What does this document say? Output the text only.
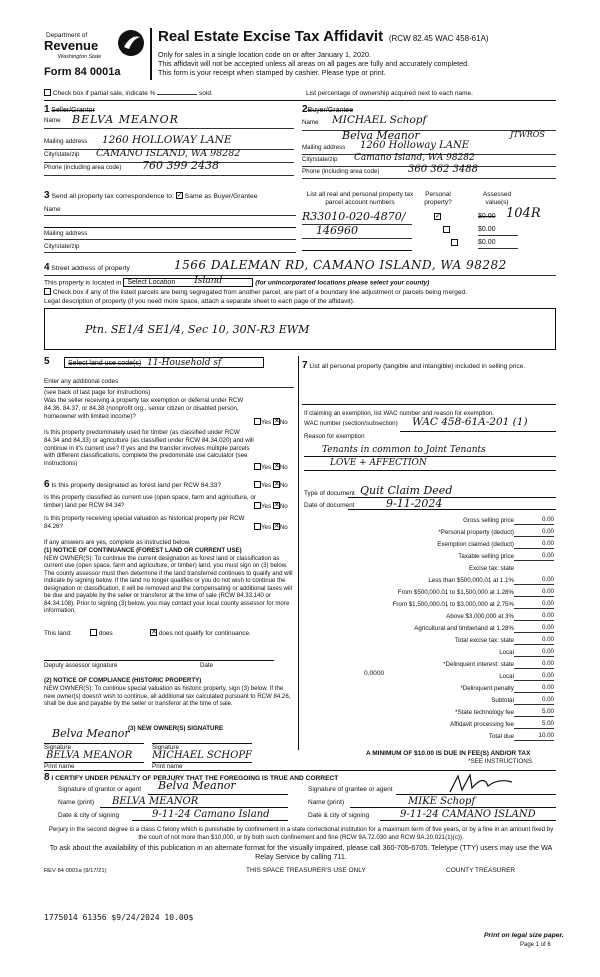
Department of
Revenue
Washington State
Form 84 0001a
Real Estate Excise Tax Affidavit (RCW 82.45 WAC 458-61A)
Only for sales in a single location code on or after January 1, 2020.
This affidavit will not be accepted unless all areas on all pages are fully and accurately completed.
This form is your receipt when stamped by cashier. Please type or print.
Check box if partial sale, indicate %	sold.	List percentage of ownership acquired next to each name.
1 Seller/Grantor
Name BELVA MEANOR
Mailing address 1260 HOLLOWAY LANE
City/state/zip CAMANO ISLAND, WA 98282
Phone (including area code) 760 399 2438
2Buyer/Grantee
Name MICHAEL Schopf
Belva Meanor	JTWROS
Mailing address 1260 Holloway LANE
City/state/zip Camano Island, WA 98282
Phone (including area code)	360 362 3488
3 Send all property tax correspondence to: ✓ Same as Buyer/Grantee
Name
Mailing address
City/state/zip
List all real and personal property tax parcel account numbers
Personal property?
Assessed value(s)
R33010-020-4870/
146960
✓	$0.00 104R
$0.00
$0.00
4 Street address of property	1566 DALEMAN RD, CAMANO ISLAND, WA 98282
This property is located in Select Location Island	(for unincorporated locations please select your county)
Check box if any of the listed parcels are being segregated from another parcel, are part of a boundary line adjustment or parcels being merged.
Legal description of property (if you need more space, attach a separate sheet to each page of the affidavit).
Ptn. SE1/4 SE1/4, Sec 10, 30N-R3 EWM
5	Select land use code(s) 11-Household sf
Enter any additional codes
(see back of last page for instructions)
Was the seller receiving a property tax exemption or deferral under RCW 84.36, 84.37, or 84.38 (nonprofit org., senior citizen or disabled person, homeowner with limited income)?
Yes ✕No
Is this property predominately used for timber (as classified under RCW 84.34 and 84.33) or agriculture (as classified under RCW 84.34.020) and will continue in it's current use? If yes and the transfer involves multiple parcels with different classifications, complete the predominate use calculator (see instructions)
Yes ✕No
6 Is this property designated as forest land per RCW 84.33?	Yes ✕No
Is this property classified as current use (open space, farm and agriculture, or timber) land per RCW 84.34?	Yes ✕No
Is this property receiving special valuation as historical property per RCW 84.26?	Yes ✕No
If any answers are yes, complete as instructed below.
(1) NOTICE OF CONTINUANCE (FOREST LAND OR CURRENT USE)
NEW OWNER(S): To continue the current designation as forest land or classification as current use (open space, farm and agriculture, or timber) land, you must sign on (3) below. The county assessor must then determine if the land transferred continues to qualify and will indicate by signing below. If the land no longer qualifies or you do not wish to continue the designation or classification, it will be removed and the compensating or additional taxes will be due and payable by the seller or transferor at the time of sale (RCW 84.33.140 or 84.34.108). Prior to signing (3) below, you may contact your local county assessor for more information.
This land:	does	✕ does not qualify for continuance.
Deputy assessor signature	Date
(2) NOTICE OF COMPLIANCE (HISTORIC PROPERTY)
NEW OWNER(S): To continue special valuation as historic property, sign (3) below. If the new owner(s) doesn't wish to continue, all additional tax calculated pursuant to RCW 84.26, shall be due and payable by the seller or transferor at the time of sale.
(3) NEW OWNER(S) SIGNATURE
Belva Meanor
Signature	Signature
BELVA MEANOR MICHAEL SCHOPF
Print name	Print name
7 List all personal property (tangible and intangible) included in selling price.
If claiming an exemption, list WAC number and reason for exemption.
WAC number (section/subsection)	WAC 458-61A-201 (1)
Reason for exemption
Tenants in common to Joint Tenants
LOVE + AFFECTION
Type of document Quit Claim Deed
Date of document	9-11-2024
Gross selling price	0.00
*Personal property (deduct)	0.00
Exemption claimed (deduct)	0.00
Taxable selling price	0.00
Excise tax: state
Less than $500,000.01 at 1.1%	0.00
From $500,000.01 to $1,500,000 at 1.28%	0.00
From $1,500,000.01 to $3,000,000 at 2.75%	0.00
Above $3,000,000 at 3%	0.00
Agricultural and timberland at 1.28%	0.00
Total excise tax: state	0.00
Local	0.00
*Delinquent interest: state	0.00
Local	0.00
*Delinquent penalty	0.00
Subtotal	0.00
*State technology fee	5.00
Affidavit processing fee	5.00
Total due	10.00
0.0000
A MINIMUM OF $10.00 IS DUE IN FEE(S) AND/OR TAX
*SEE INSTRUCTIONS
8 I CERTIFY UNDER PENALTY OF PERJURY THAT THE FOREGOING IS TRUE AND CORRECT
Signature of grantor or agent Belva Meanor
Name (print) BELVA MEANOR
Date & city of signing	9-11-24 Camano Island
Signature of grantee or agent
Name (print)	MIKE Schopf
Date & city of signing	9-11-24 CAMANO ISLAND
Perjury in the second degree is a class C felony which is punishable by confinement in a state correctional institution for a maximum term of five years, or by a fine in an amount fixed by the court of not more than $10,000, or by both such confinement and fine (RCW 9A.72.030 and RCW 9A.20.021(1)(c)).
To ask about the availability of this publication in an alternate format for the visually impaired, please call 360-705-6705. Teletype (TTY) users may use the WA Relay Service by calling 711.
REV 84 0001a (9/17/21)	THIS SPACE TREASURER'S USE ONLY	COUNTY TREASURER
1775014 61356 $9/24/2024 10.00$
Print on legal size paper.
Page 1 of 6
